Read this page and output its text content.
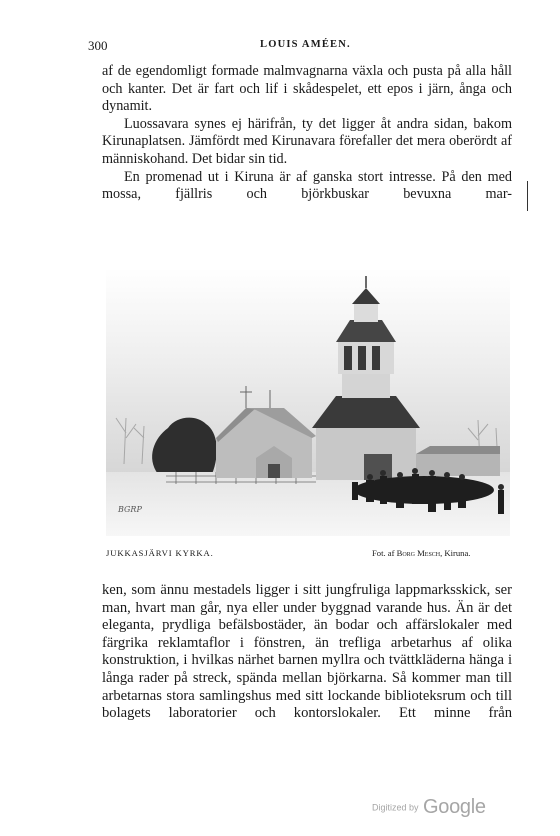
300	LOUIS AMÉEN.

af de egendomligt formade malmvagnarna växla och pusta på alla håll och kanter. Det är fart och lif i skådespelet, ett epos i järn, ånga och dynamit.

Luossavara synes ej härifrån, ty det ligger åt andra sidan, bakom Kirunaplatsen. Jämfördt med Kirunavara förefaller det mera oberördt af människohand. Det bidar sin tid.

En promenad ut i Kiruna är af ganska stort intresse. På den med mossa, fjällris och björkbuskar bevuxna mar-

BGRP
JUKKASJÄRVI KYRKA.	Fot. af Borg Mesch, Kiruna.

ken, som ännu mestadels ligger i sitt jungfruliga lappmarksskick, ser man, hvart man går, nya eller under byggnad varande hus. Än är det eleganta, prydliga befälsbostäder, än bodar och affärslokaler med färgrika reklamtaflor i fönstren, än trefliga arbetarhus af olika konstruktion, i hvilkas närhet barnen myllra och tvättkläderna hänga i långa rader på streck, spända mellan björkarna. Så kommer man till arbetarnas stora samlingshus med sitt lockande biblioteksrum och till bolagets laboratorier och kontorslokaler. Ett minne från

Digitized by Google
